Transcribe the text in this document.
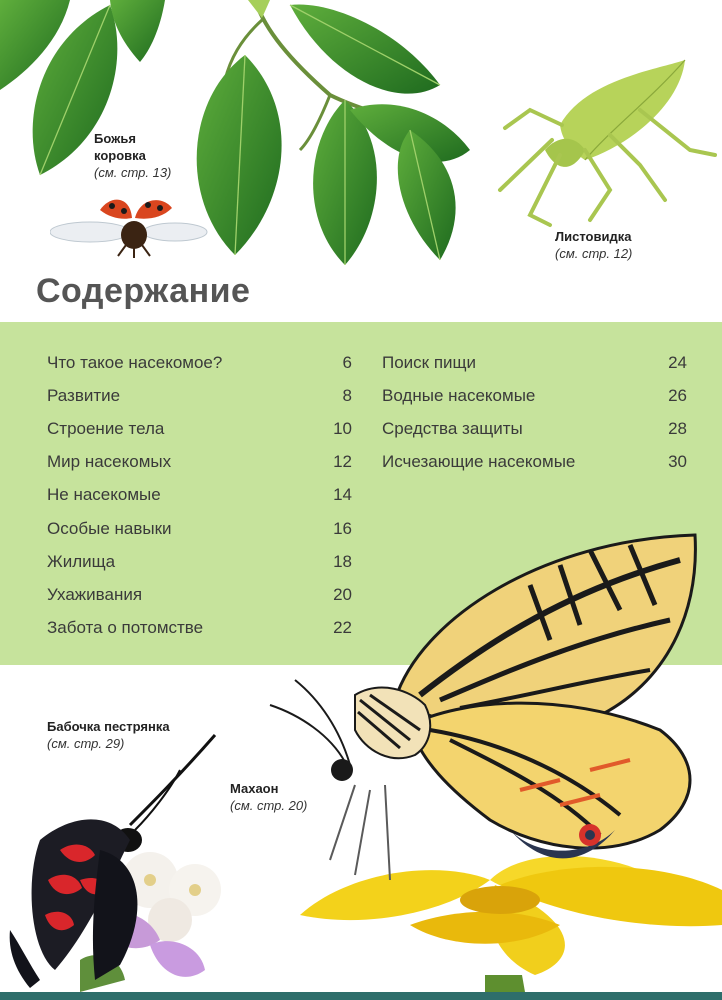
Божья
коровка
(см. стр. 13)
Листовидка
(см. стр. 12)
Содержание
Что такое насекомое?	6
Развитие	8
Строение тела	10
Мир насекомых	12
Не насекомые	14
Особые навыки	16
Жилища	18
Ухаживания	20
Забота о потомстве	22
Поиск пищи	24
Водные насекомые	26
Средства защиты	28
Исчезающие насекомые	30
Махаон
(см. стр. 20)
Бабочка пестрянка
(см. стр. 29)
